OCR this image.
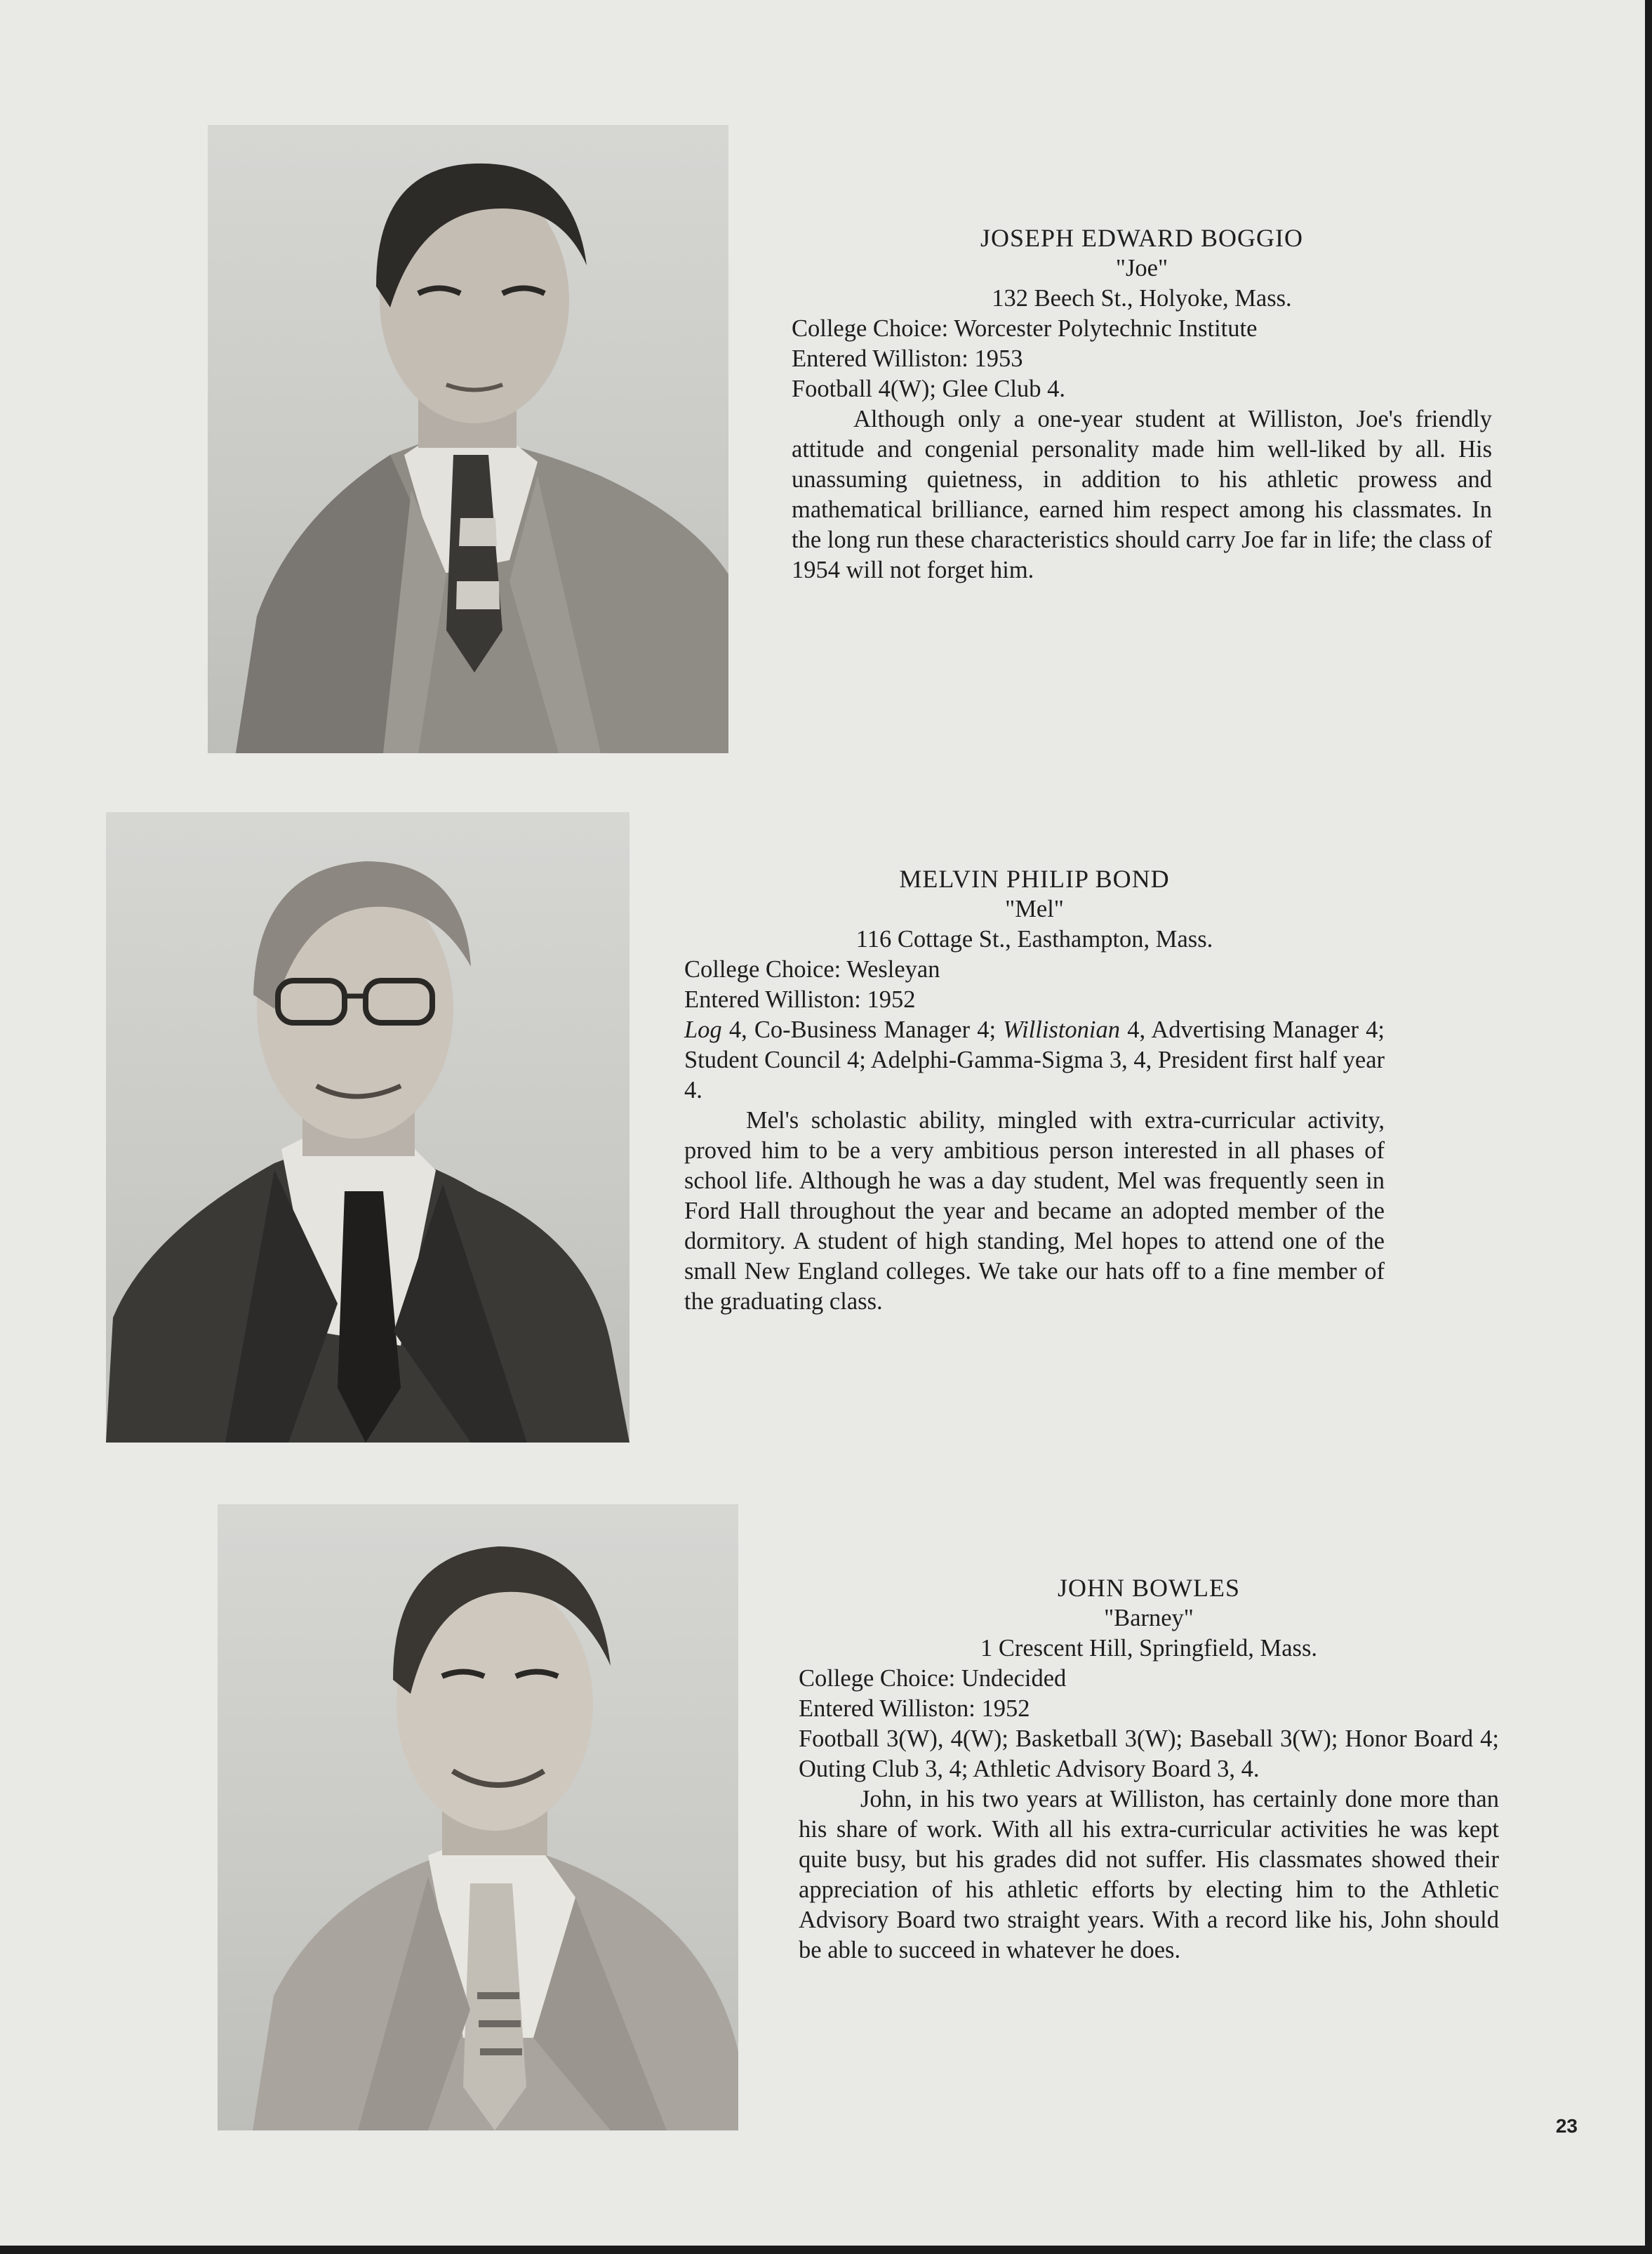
JOSEPH EDWARD BOGGIO
"Joe"
132 Beech St., Holyoke, Mass.
College Choice: Worcester Polytechnic Institute
Entered Williston: 1953
Football 4(W); Glee Club 4.

Although only a one-year student at Williston, Joe's friendly attitude and congenial personality made him well-liked by all. His unassuming quietness, in addition to his athletic prowess and mathematical brilliance, earned him respect among his classmates. In the long run these characteristics should carry Joe far in life; the class of 1954 will not forget him.

MELVIN PHILIP BOND
"Mel"
116 Cottage St., Easthampton, Mass.
College Choice: Wesleyan
Entered Williston: 1952
Log 4, Co-Business Manager 4; Willistonian 4, Advertising Manager 4; Student Council 4; Adelphi-Gamma-Sigma 3, 4, President first half year 4.

Mel's scholastic ability, mingled with extra-curricular activity, proved him to be a very ambitious person interested in all phases of school life. Although he was a day student, Mel was frequently seen in Ford Hall throughout the year and became an adopted member of the dormitory. A student of high standing, Mel hopes to attend one of the small New England colleges. We take our hats off to a fine member of the graduating class.

JOHN BOWLES
"Barney"
1 Crescent Hill, Springfield, Mass.
College Choice: Undecided
Entered Williston: 1952
Football 3(W), 4(W); Basketball 3(W); Baseball 3(W); Honor Board 4; Outing Club 3, 4; Athletic Advisory Board 3, 4.

John, in his two years at Williston, has certainly done more than his share of work. With all his extra-curricular activities he was kept quite busy, but his grades did not suffer. His classmates showed their appreciation of his athletic efforts by electing him to the Athletic Advisory Board two straight years. With a record like his, John should be able to succeed in whatever he does.

23
